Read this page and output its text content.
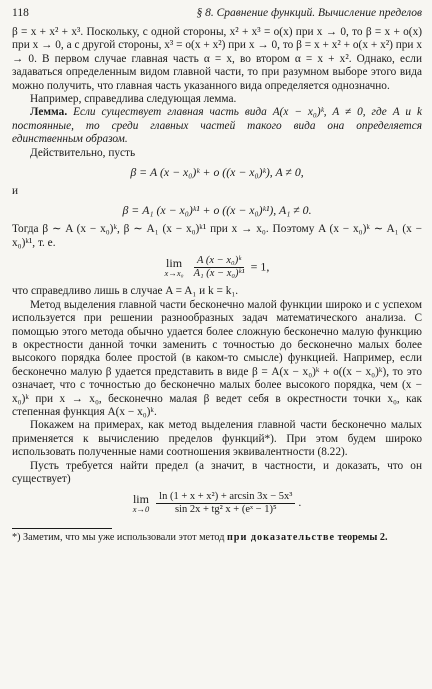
118	§ 8. Сравнение функций. Вычисление пределов

β = x + x² + x³. Поскольку, с одной стороны, x² + x³ = o(x) при x → 0, то β = x + o(x) при x → 0, а с другой стороны, x³ = o(x + x²) при x → 0, то β = x + x² + o(x + x²) при x → 0. В первом случае главная часть α = x, во втором α = x + x². Однако, если задаваться определенным видом главной части, то при разумном выборе этого вида можно получить, что главная часть указанного вида определяется однозначно.

Например, справедлива следующая лемма.

Лемма. Если существует главная часть вида A(x − x₀)ᵏ, A ≠ 0, где A и k постоянные, то среди главных частей такого вида она определяется единственным образом.

Действительно, пусть

β = A (x − x₀)ᵏ + o ((x − x₀)ᵏ), A ≠ 0,

и

β = A₁ (x − x₀)ᵏ¹ + o ((x − x₀)ᵏ¹), A₁ ≠ 0.

Тогда β ∼ A (x − x₀)ᵏ, β ∼ A₁ (x − x₀)ᵏ¹ при x → x₀. Поэтому A (x − x₀)ᵏ ∼ A₁ (x − x₀)ᵏ¹, т. е.

lim
x→x₀
$\frac{\text{A (x − x₀)ᵏ}}{\text{A₁ (x − x₀)ᵏ¹}} = 1$,

что справедливо лишь в случае A = A₁ и k = k₁.

Метод выделения главной части бесконечно малой функции широко и с успехом используется при решении разнообразных задач математического анализа. С помощью этого метода обычно удается более сложную бесконечно малую функцию в окрестности данной точки заменить с точностью до бесконечно малых более высокого порядка более простой (в каком-то смысле) функцией. Например, если бесконечно малую β удается представить в виде β = A(x − x₀)ᵏ + o((x − x₀)ᵏ), то это означает, что с точностью до бесконечно малых более высокого порядка, чем (x − x₀)ᵏ при x → x₀, бесконечно малая β ведет себя в окрестности точки x₀, как степенная функция A(x − x₀)ᵏ.

Покажем на примерах, как метод выделения главной части бесконечно малых применяется к вычислению пределов функций*). При этом будем широко использовать полученные нами соотношения эквивалентности (8.22).

Пусть требуется найти предел (а значит, в частности, и доказать, что он существует)

lim
x→0
$\frac{\text{ln (1 + x + x²) + arcsin 3x − 5x³}}{\text{sin 2x + tg² x + (eˣ − 1)⁵}}$ .

*) Заметим, что мы уже использовали этот метод при доказательстве теоремы 2.
